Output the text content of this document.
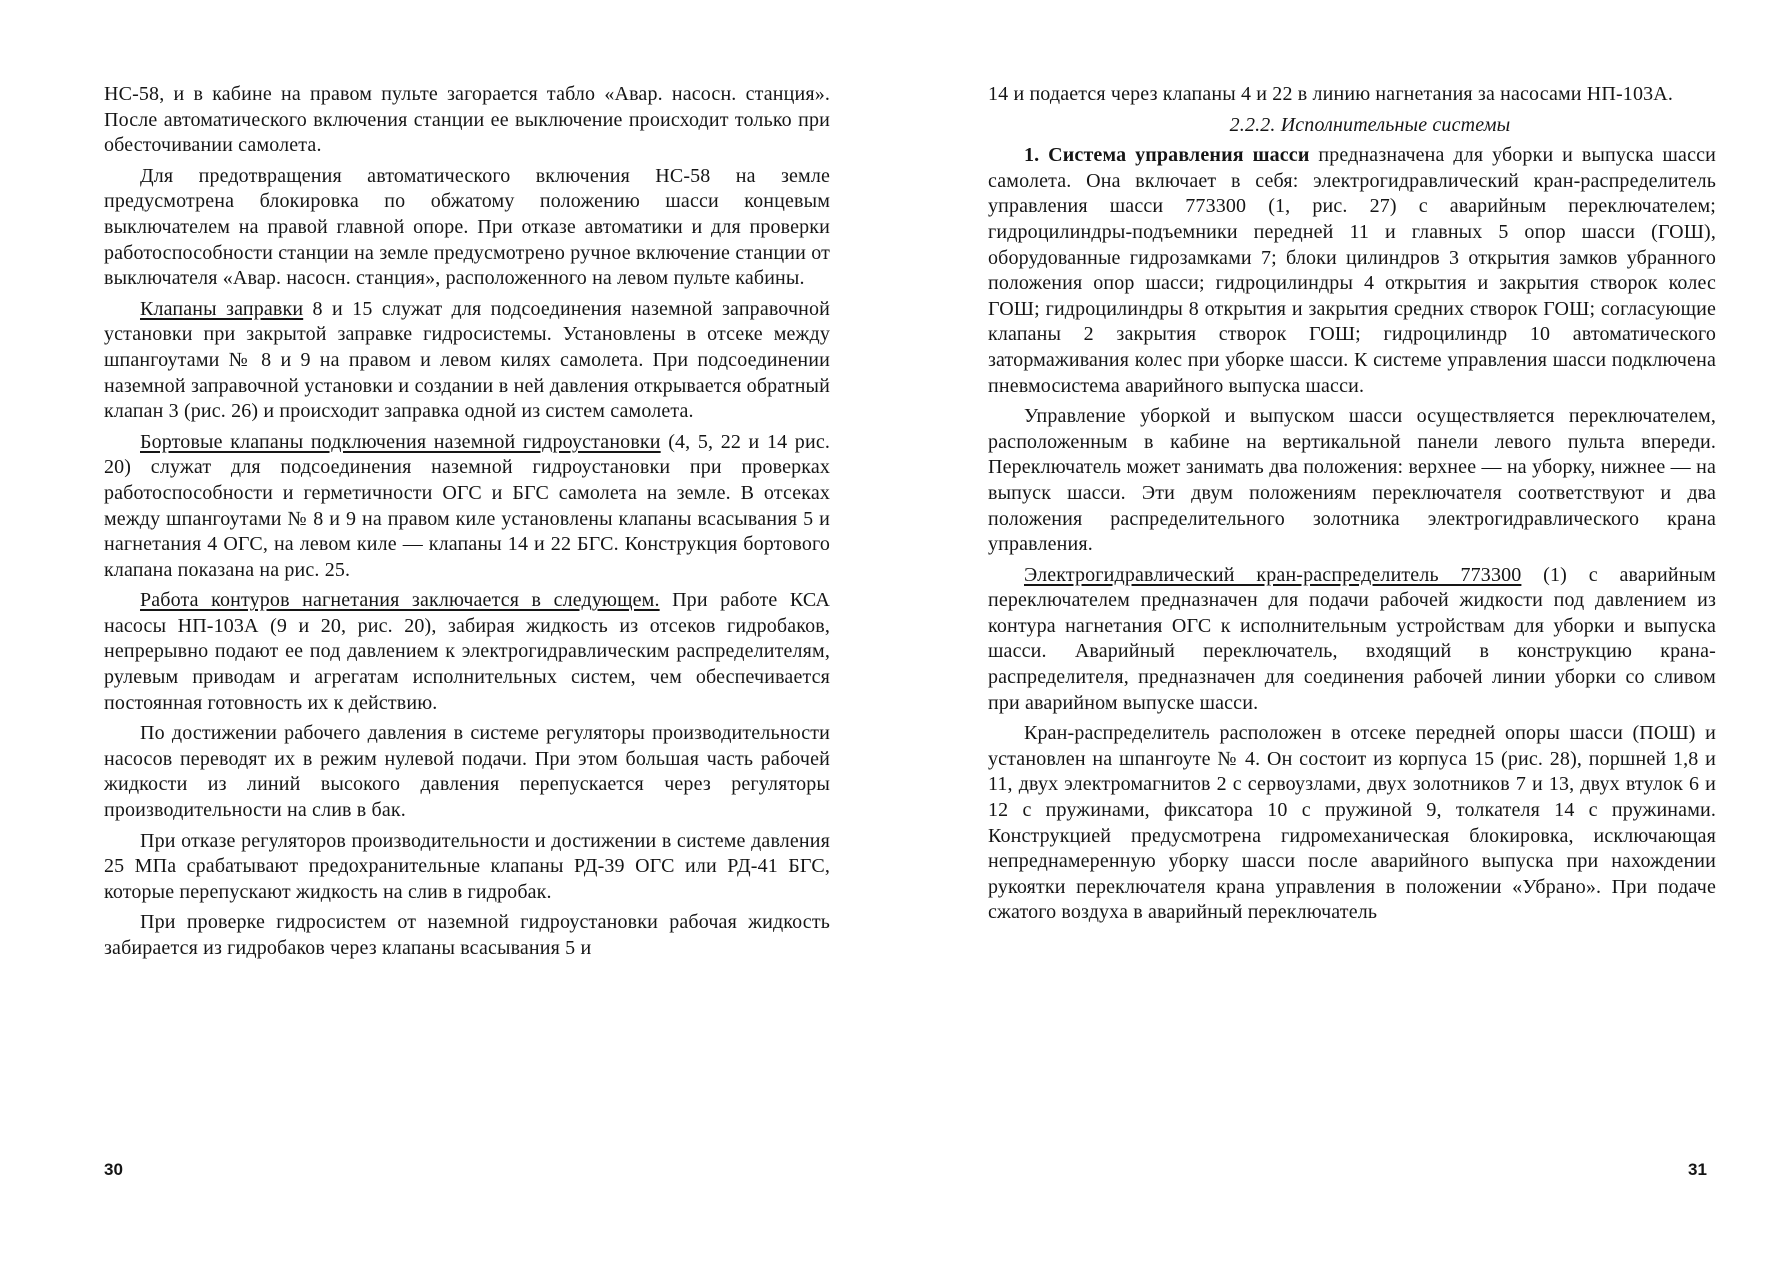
НС-58, и в кабине на правом пульте загорается табло «Авар. насосн. станция». После автоматического включения станции ее выключение происходит только при обесточивании самолета.

Для предотвращения автоматического включения НС-58 на земле предусмотрена блокировка по обжатому положению шасси концевым выключателем на правой главной опоре. При отказе автоматики и для проверки работоспособности станции на земле предусмотрено ручное включение станции от выключателя «Авар. насосн. станция», расположенного на левом пульте кабины.

Клапаны заправки 8 и 15 служат для подсоединения наземной заправочной установки при закрытой заправке гидросистемы. Установлены в отсеке между шпангоутами № 8 и 9 на правом и левом килях самолета. При подсоединении наземной заправочной установки и создании в ней давления открывается обратный клапан 3 (рис. 26) и происходит заправка одной из систем самолета.

Бортовые клапаны подключения наземной гидроустановки (4, 5, 22 и 14 рис. 20) служат для подсоединения наземной гидроустановки при проверках работоспособности и герметичности ОГС и БГС самолета на земле. В отсеках между шпангоутами № 8 и 9 на правом киле установлены клапаны всасывания 5 и нагнетания 4 ОГС, на левом киле — клапаны 14 и 22 БГС. Конструкция бортового клапана показана на рис. 25.

Работа контуров нагнетания заключается в следующем. При работе КСА насосы НП-103А (9 и 20, рис. 20), забирая жидкость из отсеков гидробаков, непрерывно подают ее под давлением к электрогидравлическим распределителям, рулевым приводам и агрегатам исполнительных систем, чем обеспечивается постоянная готовность их к действию.

По достижении рабочего давления в системе регуляторы производительности насосов переводят их в режим нулевой подачи. При этом большая часть рабочей жидкости из линий высокого давления перепускается через регуляторы производительности на слив в бак.

При отказе регуляторов производительности и достижении в системе давления 25 МПа срабатывают предохранительные клапаны РД-39 ОГС или РД-41 БГС, которые перепускают жидкость на слив в гидробак.

При проверке гидросистем от наземной гидроустановки рабочая жидкость забирается из гидробаков через клапаны всасывания 5 и

30

14 и подается через клапаны 4 и 22 в линию нагнетания за насосами НП-103А.

2.2.2. Исполнительные системы

1. Система управления шасси предназначена для уборки и выпуска шасси самолета. Она включает в себя: электрогидравлический кран-распределитель управления шасси 773300 (1, рис. 27) с аварийным переключателем; гидроцилиндры-подъемники передней 11 и главных 5 опор шасси (ГОШ), оборудованные гидрозамками 7; блоки цилиндров 3 открытия замков убранного положения опор шасси; гидроцилиндры 4 открытия и закрытия створок колес ГОШ; гидроцилиндры 8 открытия и закрытия средних створок ГОШ; согласующие клапаны 2 закрытия створок ГОШ; гидроцилиндр 10 автоматического затормаживания колес при уборке шасси. К системе управления шасси подключена пневмосистема аварийного выпуска шасси.

Управление уборкой и выпуском шасси осуществляется переключателем, расположенным в кабине на вертикальной панели левого пульта впереди. Переключатель может занимать два положения: верхнее — на уборку, нижнее — на выпуск шасси. Эти двум положениям переключателя соответствуют и два положения распределительного золотника электрогидравлического крана управления.

Электрогидравлический кран-распределитель 773300 (1) с аварийным переключателем предназначен для подачи рабочей жидкости под давлением из контура нагнетания ОГС к исполнительным устройствам для уборки и выпуска шасси. Аварийный переключатель, входящий в конструкцию крана-распределителя, предназначен для соединения рабочей линии уборки со сливом при аварийном выпуске шасси.

Кран-распределитель расположен в отсеке передней опоры шасси (ПОШ) и установлен на шпангоуте № 4. Он состоит из корпуса 15 (рис. 28), поршней 1,8 и 11, двух электромагнитов 2 с сервоузлами, двух золотников 7 и 13, двух втулок 6 и 12 с пружинами, фиксатора 10 с пружиной 9, толкателя 14 с пружинами. Конструкцией предусмотрена гидромеханическая блокировка, исключающая непреднамеренную уборку шасси после аварийного выпуска при нахождении рукоятки переключателя крана управления в положении «Убрано». При подаче сжатого воздуха в аварийный переключатель

31
